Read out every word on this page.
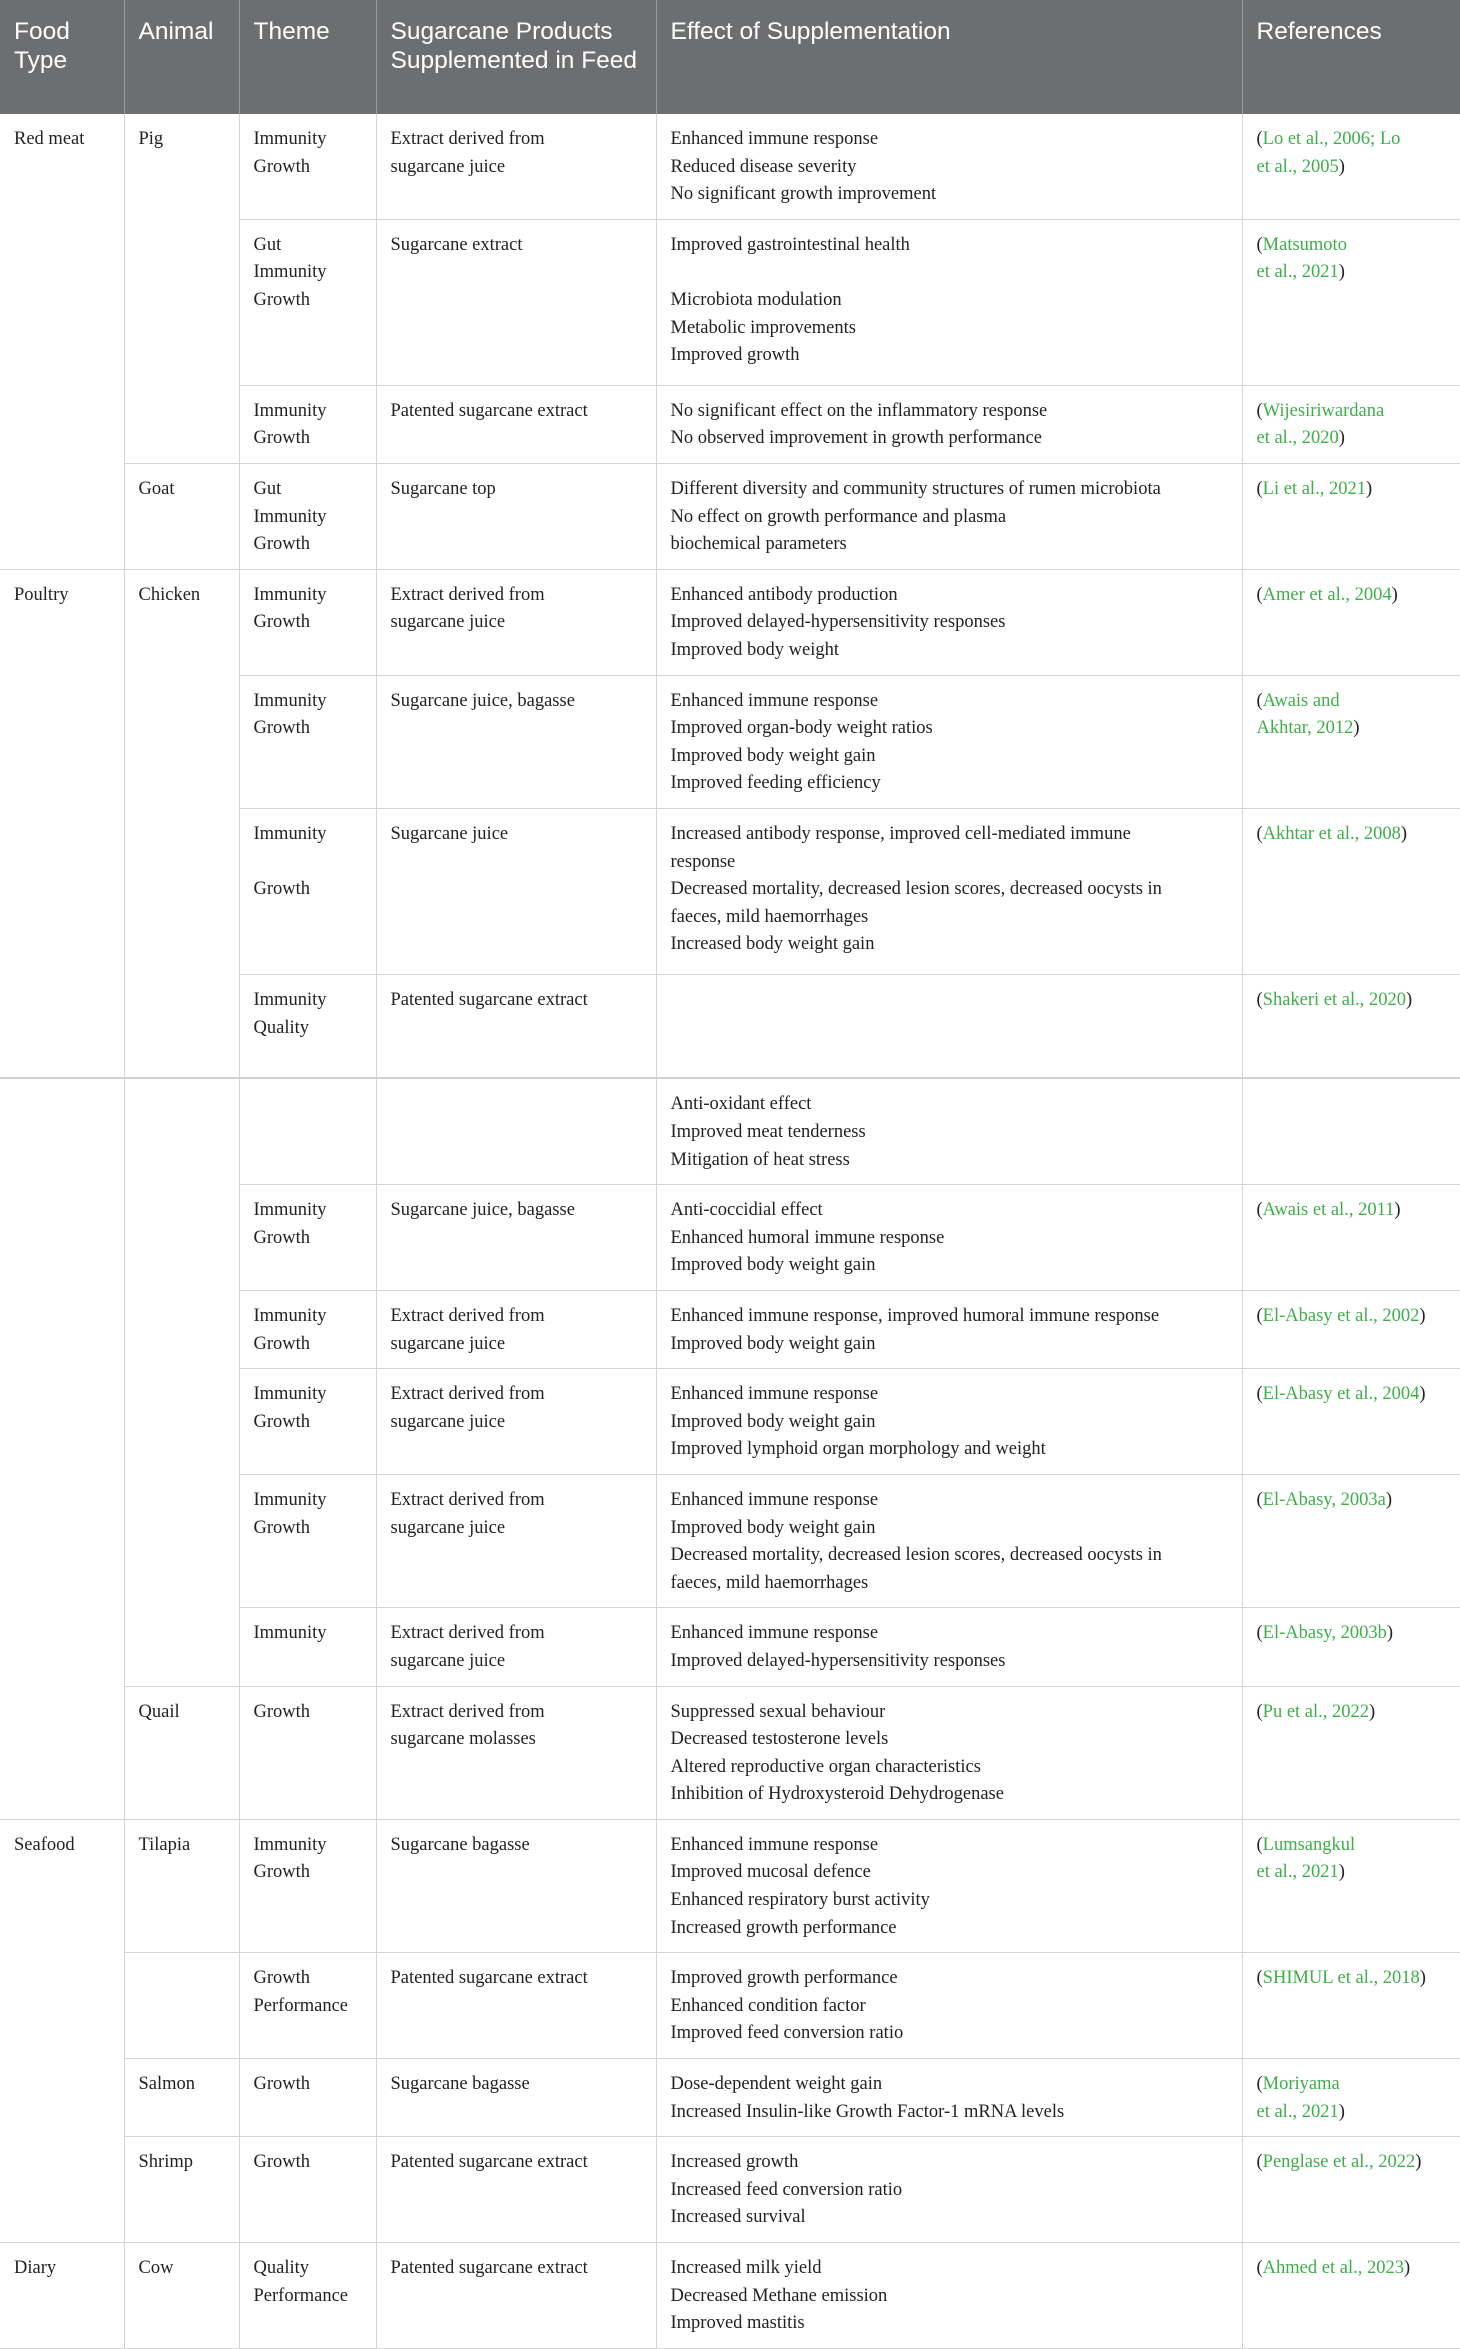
Food Type	Animal	Theme	Sugarcane Products Supplemented in Feed	Effect of Supplementation	References

Red meat	Pig	Immunity
Growth	Extract derived from
sugarcane juice	Enhanced immune response
Reduced disease severity
No significant growth improvement	(Lo et al., 2006; Lo
et al., 2005)

		Gut
Immunity
Growth	Sugarcane extract	Improved gastrointestinal health

Microbiota modulation
Metabolic improvements
Improved growth	(Matsumoto
et al., 2021)

		Immunity
Growth	Patented sugarcane extract	No significant effect on the inflammatory response
No observed improvement in growth performance	(Wijesiriwardana
et al., 2020)

	Goat	Gut
Immunity
Growth	Sugarcane top	Different diversity and community structures of rumen microbiota
No effect on growth performance and plasma
biochemical parameters	(Li et al., 2021)

Poultry	Chicken	Immunity
Growth	Extract derived from
sugarcane juice	Enhanced antibody production
Improved delayed-hypersensitivity responses
Improved body weight	(Amer et al., 2004)

		Immunity
Growth	Sugarcane juice, bagasse	Enhanced immune response
Improved organ-body weight ratios
Improved body weight gain
Improved feeding efficiency	(Awais and
Akhtar, 2012)

		Immunity

Growth	Sugarcane juice	Increased antibody response, improved cell-mediated immune
response
Decreased mortality, decreased lesion scores, decreased oocysts in
faeces, mild haemorrhages
Increased body weight gain	(Akhtar et al., 2008)

		Immunity
Quality	Patented sugarcane extract		(Shakeri et al., 2020)

				Anti-oxidant effect
Improved meat tenderness
Mitigation of heat stress	

		Immunity
Growth	Sugarcane juice, bagasse	Anti-coccidial effect
Enhanced humoral immune response
Improved body weight gain	(Awais et al., 2011)

		Immunity
Growth	Extract derived from
sugarcane juice	Enhanced immune response, improved humoral immune response
Improved body weight gain	(El-Abasy et al., 2002)

		Immunity
Growth	Extract derived from
sugarcane juice	Enhanced immune response
Improved body weight gain
Improved lymphoid organ morphology and weight	(El-Abasy et al., 2004)

		Immunity
Growth	Extract derived from
sugarcane juice	Enhanced immune response
Improved body weight gain
Decreased mortality, decreased lesion scores, decreased oocysts in
faeces, mild haemorrhages	(El-Abasy, 2003a)

		Immunity	Extract derived from
sugarcane juice	Enhanced immune response
Improved delayed-hypersensitivity responses	(El-Abasy, 2003b)

	Quail	Growth	Extract derived from
sugarcane molasses	Suppressed sexual behaviour
Decreased testosterone levels
Altered reproductive organ characteristics
Inhibition of Hydroxysteroid Dehydrogenase	(Pu et al., 2022)

Seafood	Tilapia	Immunity
Growth	Sugarcane bagasse	Enhanced immune response
Improved mucosal defence
Enhanced respiratory burst activity
Increased growth performance	(Lumsangkul
et al., 2021)

		Growth
Performance	Patented sugarcane extract	Improved growth performance
Enhanced condition factor
Improved feed conversion ratio	(SHIMUL et al., 2018)

	Salmon	Growth	Sugarcane bagasse	Dose-dependent weight gain
Increased Insulin-like Growth Factor-1 mRNA levels	(Moriyama
et al., 2021)

	Shrimp	Growth	Patented sugarcane extract	Increased growth
Increased feed conversion ratio
Increased survival	(Penglase et al., 2022)

Diary	Cow	Quality
Performance	Patented sugarcane extract	Increased milk yield
Decreased Methane emission
Improved mastitis	(Ahmed et al., 2023)
